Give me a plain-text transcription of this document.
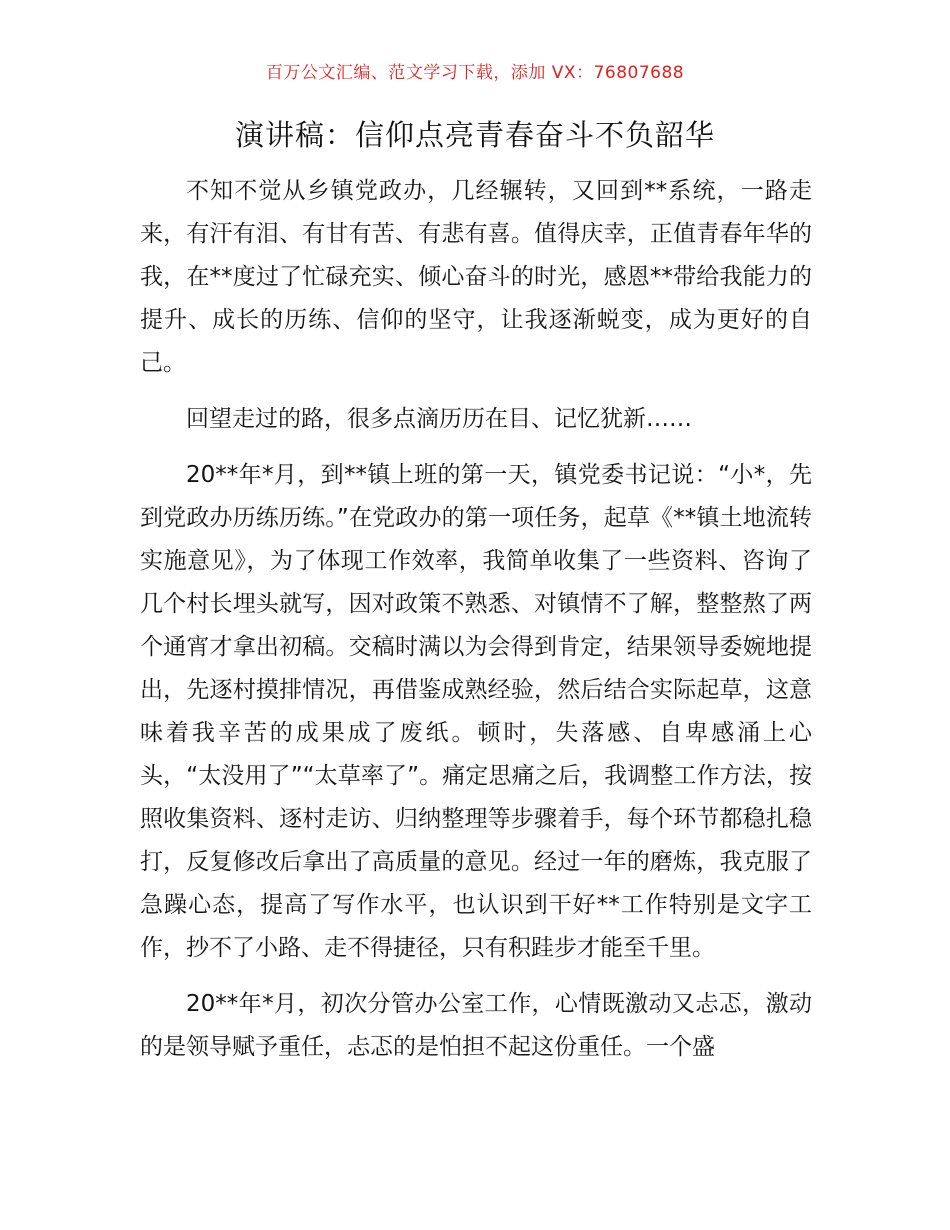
百万公文汇编、范文学习下载，添加 VX：76807688
演讲稿：信仰点亮青春奋斗不负韶华

不知不觉从乡镇党政办，几经辗转，又回到**系统，一路走来，有汗有泪、有甘有苦、有悲有喜。值得庆幸，正值青春年华的我，在**度过了忙碌充实、倾心奋斗的时光，感恩**带给我能力的提升、成长的历练、信仰的坚守，让我逐渐蜕变，成为更好的自己。

回望走过的路，很多点滴历历在目、记忆犹新……

20**年*月，到**镇上班的第一天，镇党委书记说：“小*，先到党政办历练历练。”在党政办的第一项任务，起草《**镇土地流转实施意见》，为了体现工作效率，我简单收集了一些资料、咨询了几个村长埋头就写，因对政策不熟悉、对镇情不了解，整整熬了两个通宵才拿出初稿。交稿时满以为会得到肯定，结果领导委婉地提出，先逐村摸排情况，再借鉴成熟经验，然后结合实际起草，这意味着我辛苦的成果成了废纸。顿时，失落感、自卑感涌上心头，“太没用了”“太草率了”。痛定思痛之后，我调整工作方法，按照收集资料、逐村走访、归纳整理等步骤着手，每个环节都稳扎稳打，反复修改后拿出了高质量的意见。经过一年的磨炼，我克服了急躁心态，提高了写作水平，也认识到干好**工作特别是文字工作，抄不了小路、走不得捷径，只有积跬步才能至千里。

20**年*月，初次分管办公室工作，心情既激动又忐忑，激动的是领导赋予重任，忐忑的是怕担不起这份重任。一个盛
